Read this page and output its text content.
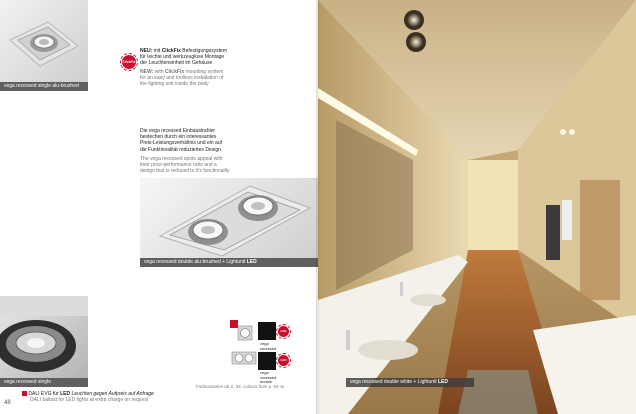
vega recessed single alu-brushed
ClickFix
NEU: mit ClickFix Befestigungssystem
für leichte und werkzeuglose Montage
der Leuchteneinheit im Gehäuse
NEW: with ClickFix mounting system
for an easy and toolless installation of
the lighting unit inside the body
Die vega recessed Einbaustrahler
bestechen durch ein interessantes
Preis-Leistungsverhältnis und ein auf
die Funktionalität reduziertes Design.
The vega recessed spots appeal with
their price-performance ratio and a
design that is reduced to it's functionality
vega recessed double alu-brushed + Lightunit LED
vega recessed single
DALI EVG für LED Leuchten gegen Aufpreis auf Anfrage
DALI ballast for LED lights at extra charge on request
vega
recessed
LED
vega
recessed
double
LED
Farbvarianten ab S. 94, colours from p. 94 on
48
vega recessed double white + Lightunit LED
49
